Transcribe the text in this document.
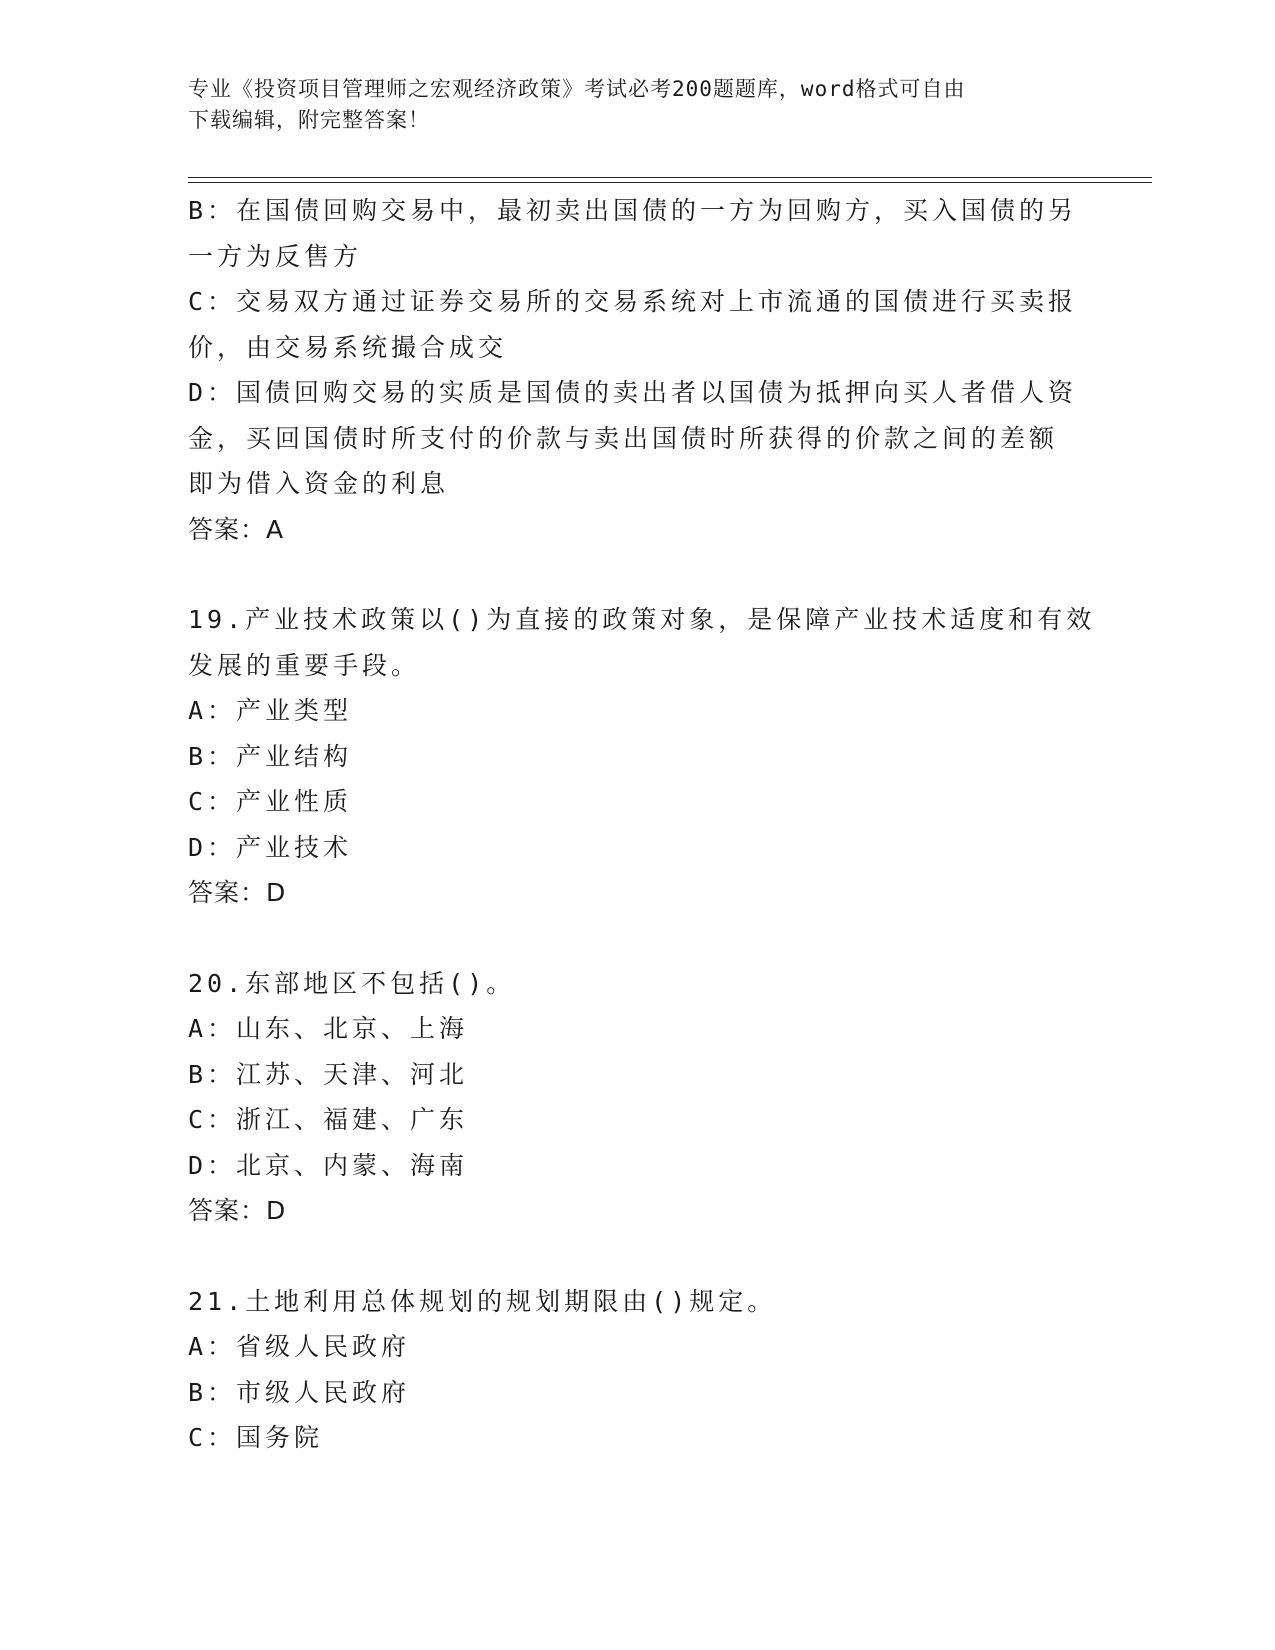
专业《投资项目管理师之宏观经济政策》考试必考200题题库，word格式可自由
下载编辑，附完整答案！
B：在国债回购交易中，最初卖出国债的一方为回购方，买入国债的另
一方为反售方
C：交易双方通过证券交易所的交易系统对上市流通的国债进行买卖报
价，由交易系统撮合成交
D：国债回购交易的实质是国债的卖出者以国债为抵押向买人者借人资
金，买回国债时所支付的价款与卖出国债时所获得的价款之间的差额
即为借入资金的利息
答案：A
19.产业技术政策以()为直接的政策对象，是保障产业技术适度和有效
发展的重要手段。
A：产业类型
B：产业结构
C：产业性质
D：产业技术
答案：D
20.东部地区不包括()。
A：山东、北京、上海
B：江苏、天津、河北
C：浙江、福建、广东
D：北京、内蒙、海南
答案：D
21.土地利用总体规划的规划期限由()规定。
A：省级人民政府
B：市级人民政府
C：国务院
